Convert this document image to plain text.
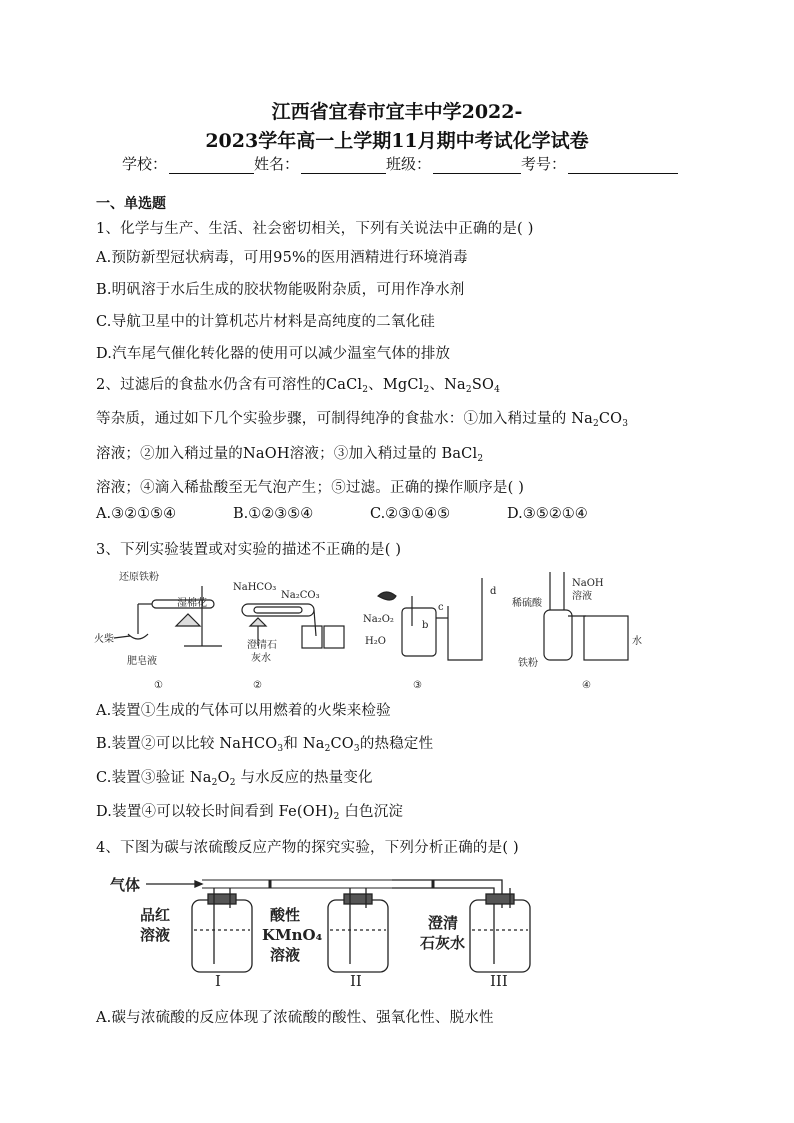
江西省宜春市宜丰中学2022-
2023学年高一上学期11月期中考试化学试卷
学校：	姓名：	班级：	考号：
一、单选题
1、化学与生产、生活、社会密切相关，下列有关说法中正确的是( )
A.预防新型冠状病毒，可用95%的医用酒精进行环境消毒
B.明矾溶于水后生成的胶状物能吸附杂质，可用作净水剂
C.导航卫星中的计算机芯片材料是高纯度的二氧化硅
D.汽车尾气催化转化器的使用可以减少温室气体的排放
2、过滤后的食盐水仍含有可溶性的CaCl$_2$、MgCl$_2$、$Na_2SO_4$
等杂质，通过如下几个实验步骤，可制得纯净的食盐水：①加入稍过量的 $Na_2CO_3$
溶液；②加入稍过量的NaOH溶液；③加入稍过量的 BaCl$_2$
溶液；④滴入稀盐酸至无气泡产生；⑤过滤。正确的操作顺序是( )
A.③②①⑤④	B.①②③⑤④	C.②③①④⑤	D.③⑤②①④
3、下列实验装置或对实验的描述不正确的是( )
还原铁粉
湿棉花
火柴
肥皂液
①
NaHCO₃
Na₂CO₃
澄清石
灰水
②
Na₂O₂
H₂O
b
c
d
③
NaOH
溶液
稀硫酸
水
铁粉
④
A.装置①生成的气体可以用燃着的火柴来检验
B.装置②可以比较 NaHCO$_3$和 $Na_2CO_3$的热稳定性
C.装置③验证 $Na_2O_2$ 与水反应的热量变化
D.装置④可以较长时间看到 $Fe(OH)_2$ 白色沉淀
4、下图为碳与浓硫酸反应产物的探究实验，下列分析正确的是( )
气体
品红
溶液
I
酸性
KMnO₄
溶液
II
澄清
石灰水
III
A.碳与浓硫酸的反应体现了浓硫酸的酸性、强氧化性、脱水性
